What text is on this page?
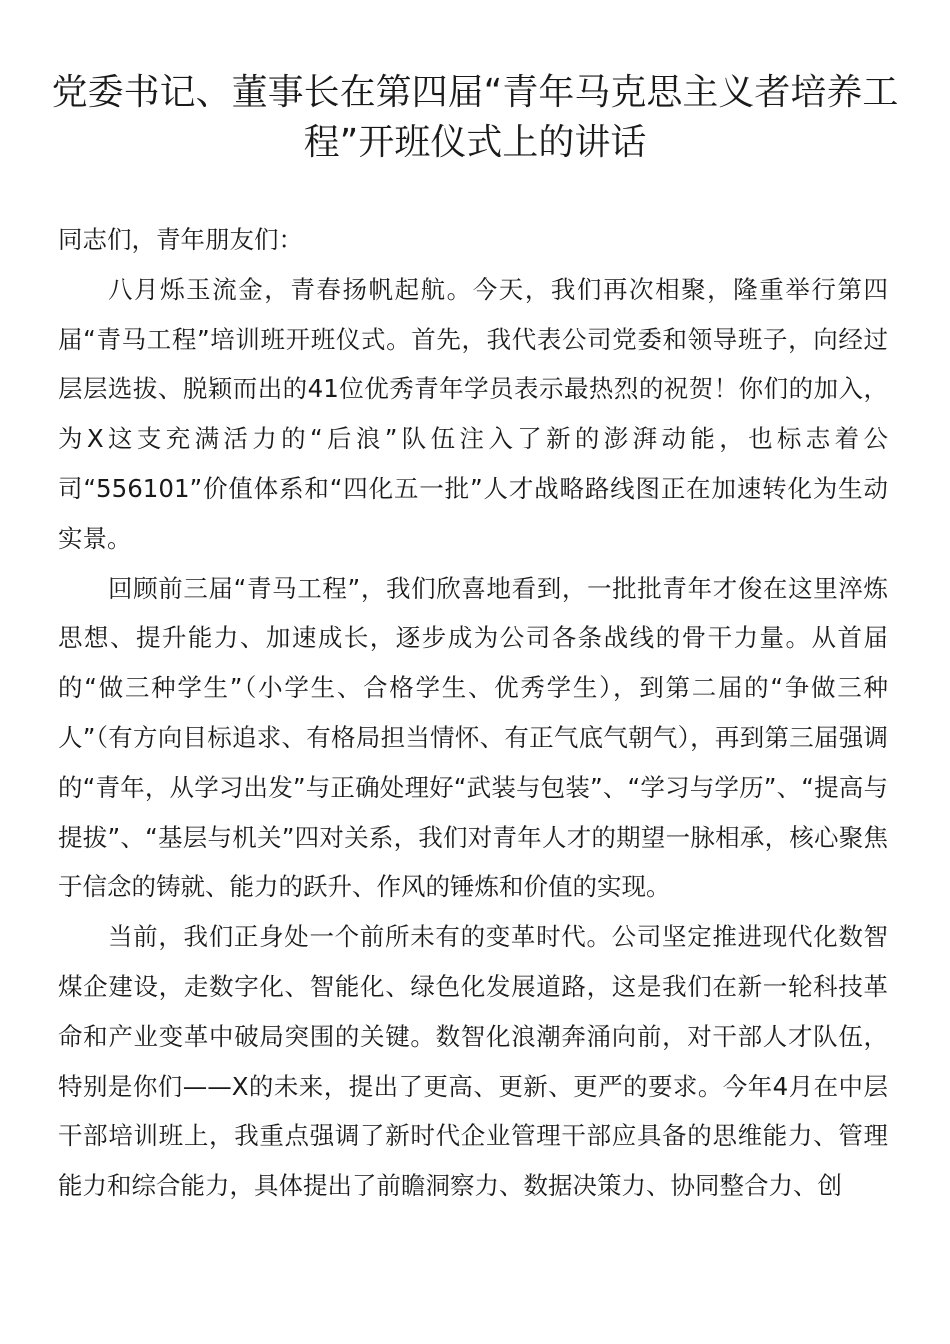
党委书记、董事长在第四届“青年马克思主义者培养工程”开班仪式上的讲话

同志们，青年朋友们：

八月烁玉流金，青春扬帆起航。今天，我们再次相聚，隆重举行第四届“青马工程”培训班开班仪式。首先，我代表公司党委和领导班子，向经过层层选拔、脱颖而出的41位优秀青年学员表示最热烈的祝贺！你们的加入，为X这支充满活力的“后浪”队伍注入了新的澎湃动能，也标志着公司“556101”价值体系和“四化五一批”人才战略路线图正在加速转化为生动实景。

回顾前三届“青马工程”，我们欣喜地看到，一批批青年才俊在这里淬炼思想、提升能力、加速成长，逐步成为公司各条战线的骨干力量。从首届的“做三种学生”（小学生、合格学生、优秀学生），到第二届的“争做三种人”（有方向目标追求、有格局担当情怀、有正气底气朝气），再到第三届强调的“青年，从学习出发”与正确处理好“武装与包装”、“学习与学历”、“提高与提拔”、“基层与机关”四对关系，我们对青年人才的期望一脉相承，核心聚焦于信念的铸就、能力的跃升、作风的锤炼和价值的实现。

当前，我们正身处一个前所未有的变革时代。公司坚定推进现代化数智煤企建设，走数字化、智能化、绿色化发展道路，这是我们在新一轮科技革命和产业变革中破局突围的关键。数智化浪潮奔涌向前，对干部人才队伍，特别是你们——X的未来，提出了更高、更新、更严的要求。今年4月在中层干部培训班上，我重点强调了新时代企业管理干部应具备的思维能力、管理能力和综合能力，具体提出了前瞻洞察力、数据决策力、协同整合力、创
